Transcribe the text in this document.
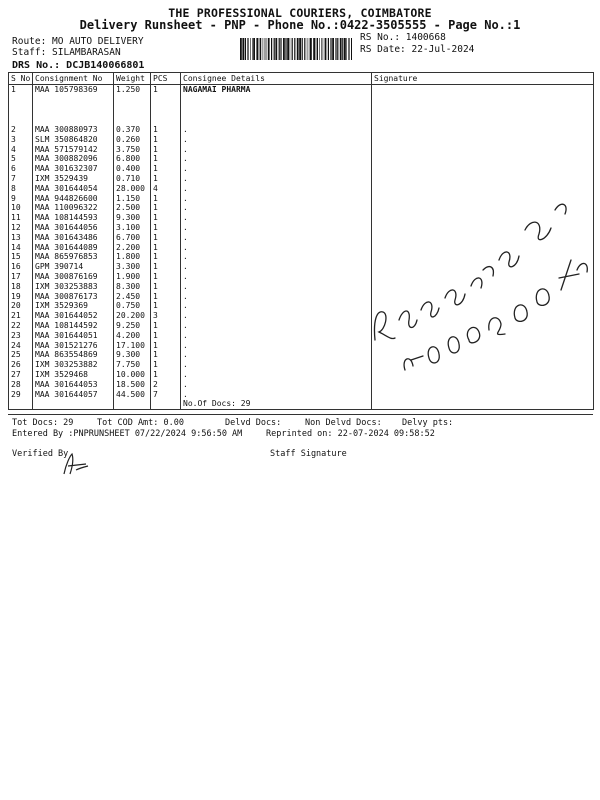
THE PROFESSIONAL COURIERS, COIMBATORE
Delivery Runsheet - PNP - Phone No.:0422-3505555 - Page No.:1
Route: MO AUTO DELIVERY
Staff: SILAMBARASAN
DRS No.: DCJB140066801
RS No.: 1400668
RS Date: 22-Jul-2024
S No	Consignment No	Weight	PCS	Consignee Details	Signature
1	MAA 105798369	1.250	1	NAGAMAI PHARMA	
2	MAA 300880973	0.370	1	.	
3	SLM 350864820	0.260	1	.	
4	MAA 571579142	3.750	1	.	
5	MAA 300882096	6.800	1	.	
6	MAA 301632307	0.400	1	.	
7	IXM 3529439	0.710	1	.	
8	MAA 301644054	28.000	4	.	
9	MAA 944826600	1.150	1	.	
10	MAA 110096322	2.500	1	.	
11	MAA 108144593	9.300	1	.	
12	MAA 301644056	3.100	1	.	
13	MAA 301643486	6.700	1	.	
14	MAA 301644089	2.200	1	.	
15	MAA 865976853	1.800	1	.	
16	GPM 390714	3.300	1	.	
17	MAA 300876169	1.900	1	.	
18	IXM 303253883	8.300	1	.	
19	MAA 300876173	2.450	1	.	
20	IXM 3529369	0.750	1	.	
21	MAA 301644052	20.200	3	.	
22	MAA 108144592	9.250	1	.	
23	MAA 301644051	4.200	1	.	
24	MAA 301521276	17.100	1	.	
25	MAA 863554869	9.300	1	.	
26	IXM 303253882	7.750	1	.	
27	IXM 3529468	10.000	1	.	
28	MAA 301644053	18.500	2	.	
29	MAA 301644057	44.500	7	.	
				No.Of Docs: 29	
Tot Docs: 29	Tot COD Amt: 0.00	Delvd Docs:	Non Delvd Docs: Delvy pts:
Entered By :PNPRUNSHEET 07/22/2024 9:56:50 AM	Reprinted on: 22-07-2024 09:58:52
Verified By	Staff Signature
